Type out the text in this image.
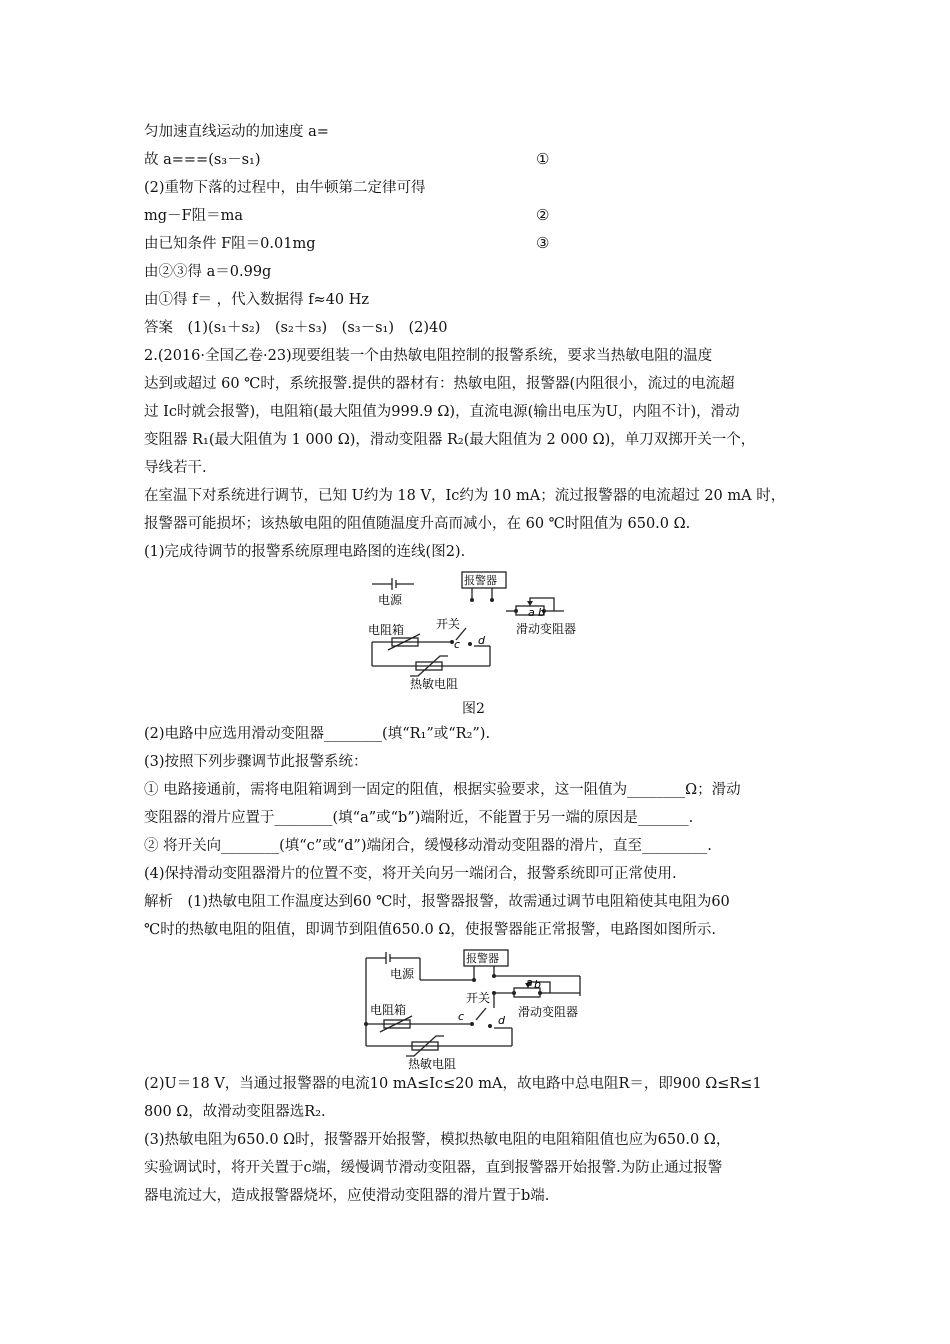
匀加速直线运动的加速度 a=
故 a===(s₃－s₁)	①
(2)重物下落的过程中，由牛顿第二定律可得
mg－F阻＝ma	②
由已知条件 F阻＝0.01mg	③
由②③得 a＝0.99g
由①得 f＝ ，代入数据得 f≈40 Hz
答案　(1)(s₁＋s₂)　(s₂＋s₃)　(s₃－s₁)　(2)40
2.(2016·全国乙卷·23)现要组装一个由热敏电阻控制的报警系统，要求当热敏电阻的温度
达到或超过 60 ℃时，系统报警.提供的器材有：热敏电阻，报警器(内阻很小，流过的电流超
过 Ic时就会报警)，电阻箱(最大阻值为999.9 Ω)，直流电源(输出电压为U，内阻不计)，滑动
变阻器 R₁(最大阻值为 1 000 Ω)，滑动变阻器 R₂(最大阻值为 2 000 Ω)，单刀双掷开关一个，
导线若干.
在室温下对系统进行调节，已知 U约为 18 V，Ic约为 10 mA；流过报警器的电流超过 20 mA 时，
报警器可能损坏；该热敏电阻的阻值随温度升高而减小，在 60 ℃时阻值为 650.0 Ω.
(1)完成待调节的报警系统原理电路图的连线(图2).
电源
报警器
开关
电阻箱	滑动变阻器
热敏电阻
a b
c d
图2
(2)电路中应选用滑动变阻器________(填“R₁”或“R₂”).
(3)按照下列步骤调节此报警系统：
① 电路接通前，需将电阻箱调到一固定的阻值，根据实验要求，这一阻值为________Ω；滑动
变阻器的滑片应置于________(填“a”或“b”)端附近，不能置于另一端的原因是_______.
② 将开关向________(填“c”或“d”)端闭合，缓慢移动滑动变阻器的滑片，直至_________.
(4)保持滑动变阻器滑片的位置不变，将开关向另一端闭合，报警系统即可正常使用.
解析　(1)热敏电阻工作温度达到60 ℃时，报警器报警，故需通过调节电阻箱使其电阻为60
℃时的热敏电阻的阻值，即调节到阻值650.0 Ω，使报警器能正常报警，电路图如图所示.
电源
报警器
开关
电阻箱	滑动变阻器
热敏电阻
a b
c	d
(2)U＝18 V，当通过报警器的电流10 mA≤Ic≤20 mA，故电路中总电阻R＝，即900 Ω≤R≤1
800 Ω，故滑动变阻器选R₂.
(3)热敏电阻为650.0 Ω时，报警器开始报警，模拟热敏电阻的电阻箱阻值也应为650.0 Ω，
实验调试时，将开关置于c端，缓慢调节滑动变阻器，直到报警器开始报警.为防止通过报警
器电流过大，造成报警器烧坏，应使滑动变阻器的滑片置于b端.
